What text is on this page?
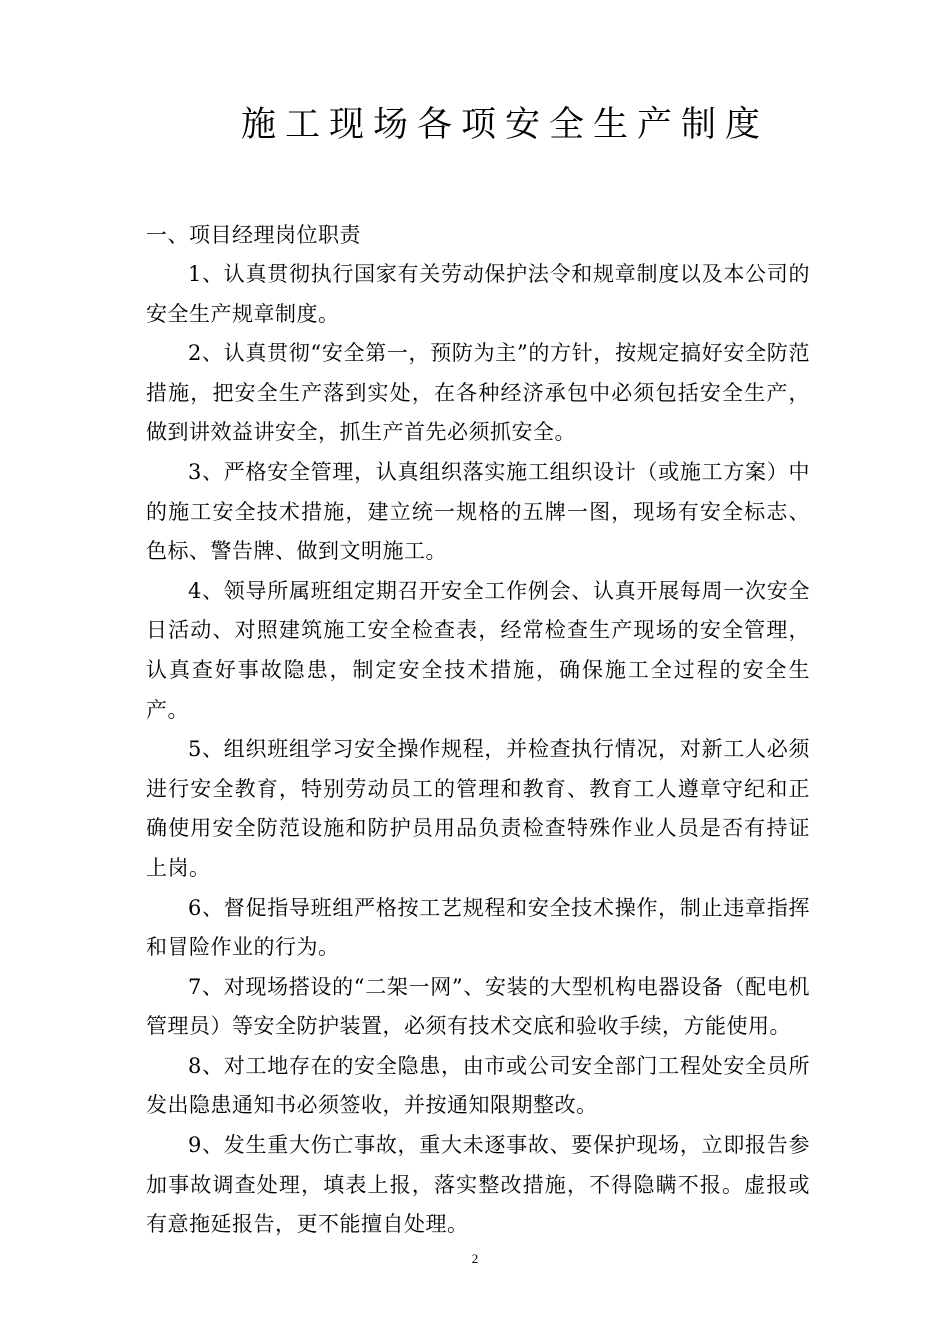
施工现场各项安全生产制度

一、项目经理岗位职责

1、认真贯彻执行国家有关劳动保护法令和规章制度以及本公司的安全生产规章制度。

2、认真贯彻“安全第一，预防为主”的方针，按规定搞好安全防范措施，把安全生产落到实处，在各种经济承包中必须包括安全生产，做到讲效益讲安全，抓生产首先必须抓安全。

3、严格安全管理，认真组织落实施工组织设计（或施工方案）中的施工安全技术措施，建立统一规格的五牌一图，现场有安全标志、色标、警告牌、做到文明施工。

4、领导所属班组定期召开安全工作例会、认真开展每周一次安全日活动、对照建筑施工安全检查表，经常检查生产现场的安全管理，认真查好事故隐患，制定安全技术措施，确保施工全过程的安全生产。

5、组织班组学习安全操作规程，并检查执行情况，对新工人必须进行安全教育，特别劳动员工的管理和教育、教育工人遵章守纪和正确使用安全防范设施和防护员用品负责检查特殊作业人员是否有持证上岗。

6、督促指导班组严格按工艺规程和安全技术操作，制止违章指挥和冒险作业的行为。

7、对现场搭设的“二架一网”、安装的大型机构电器设备（配电机管理员）等安全防护装置，必须有技术交底和验收手续，方能使用。

8、对工地存在的安全隐患，由市或公司安全部门工程处安全员所发出隐患通知书必须签收，并按通知限期整改。

9、发生重大伤亡事故，重大未逐事故、要保护现场，立即报告参加事故调查处理，填表上报，落实整改措施，不得隐瞒不报。虚报或有意拖延报告，更不能擅自处理。

2
